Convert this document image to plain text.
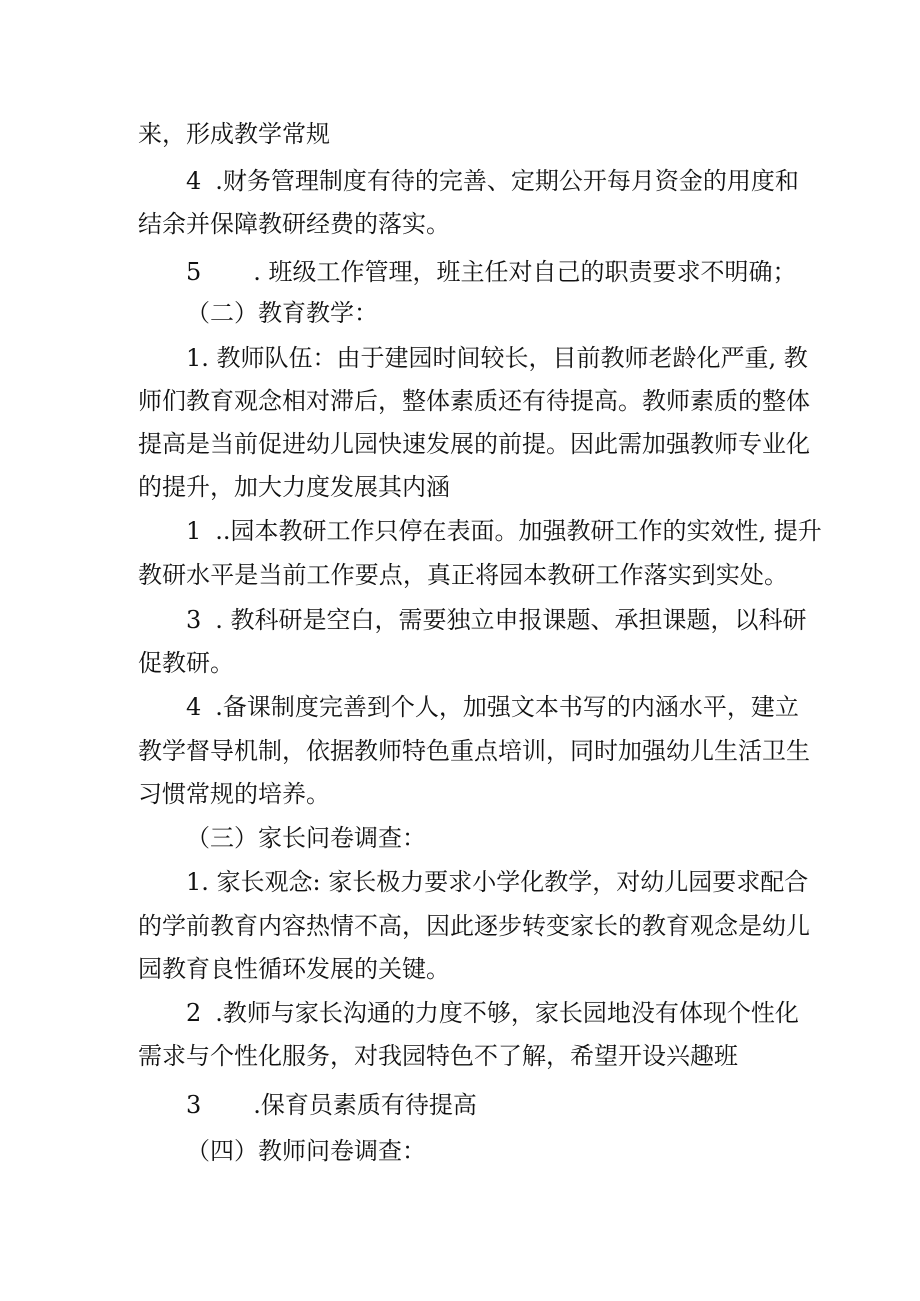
来，形成教学常规
4 .财务管理制度有待的完善、定期公开每月资金的用度和
结余并保障教研经费的落实。
5 . 班级工作管理，班主任对自己的职责要求不明确；
（二）教育教学：
1. 教师队伍：由于建园时间较长，目前教师老龄化严重, 教
师们教育观念相对滞后，整体素质还有待提高。教师素质的整体
提高是当前促进幼儿园快速发展的前提。因此需加强教师专业化
的提升，加大力度发展其内涵
1 ..园本教研工作只停在表面。加强教研工作的实效性, 提升
教研水平是当前工作要点，真正将园本教研工作落实到实处。
3 . 教科研是空白，需要独立申报课题、承担课题，以科研
促教研。
4 .备课制度完善到个人，加强文本书写的内涵水平，建立
教学督导机制，依据教师特色重点培训，同时加强幼儿生活卫生
习惯常规的培养。
（三）家长问卷调查：
1. 家长观念: 家长极力要求小学化教学，对幼儿园要求配合
的学前教育内容热情不高，因此逐步转变家长的教育观念是幼儿
园教育良性循环发展的关键。
2 .教师与家长沟通的力度不够，家长园地没有体现个性化
需求与个性化服务，对我园特色不了解，希望开设兴趣班
3 .保育员素质有待提高
（四）教师问卷调查：
